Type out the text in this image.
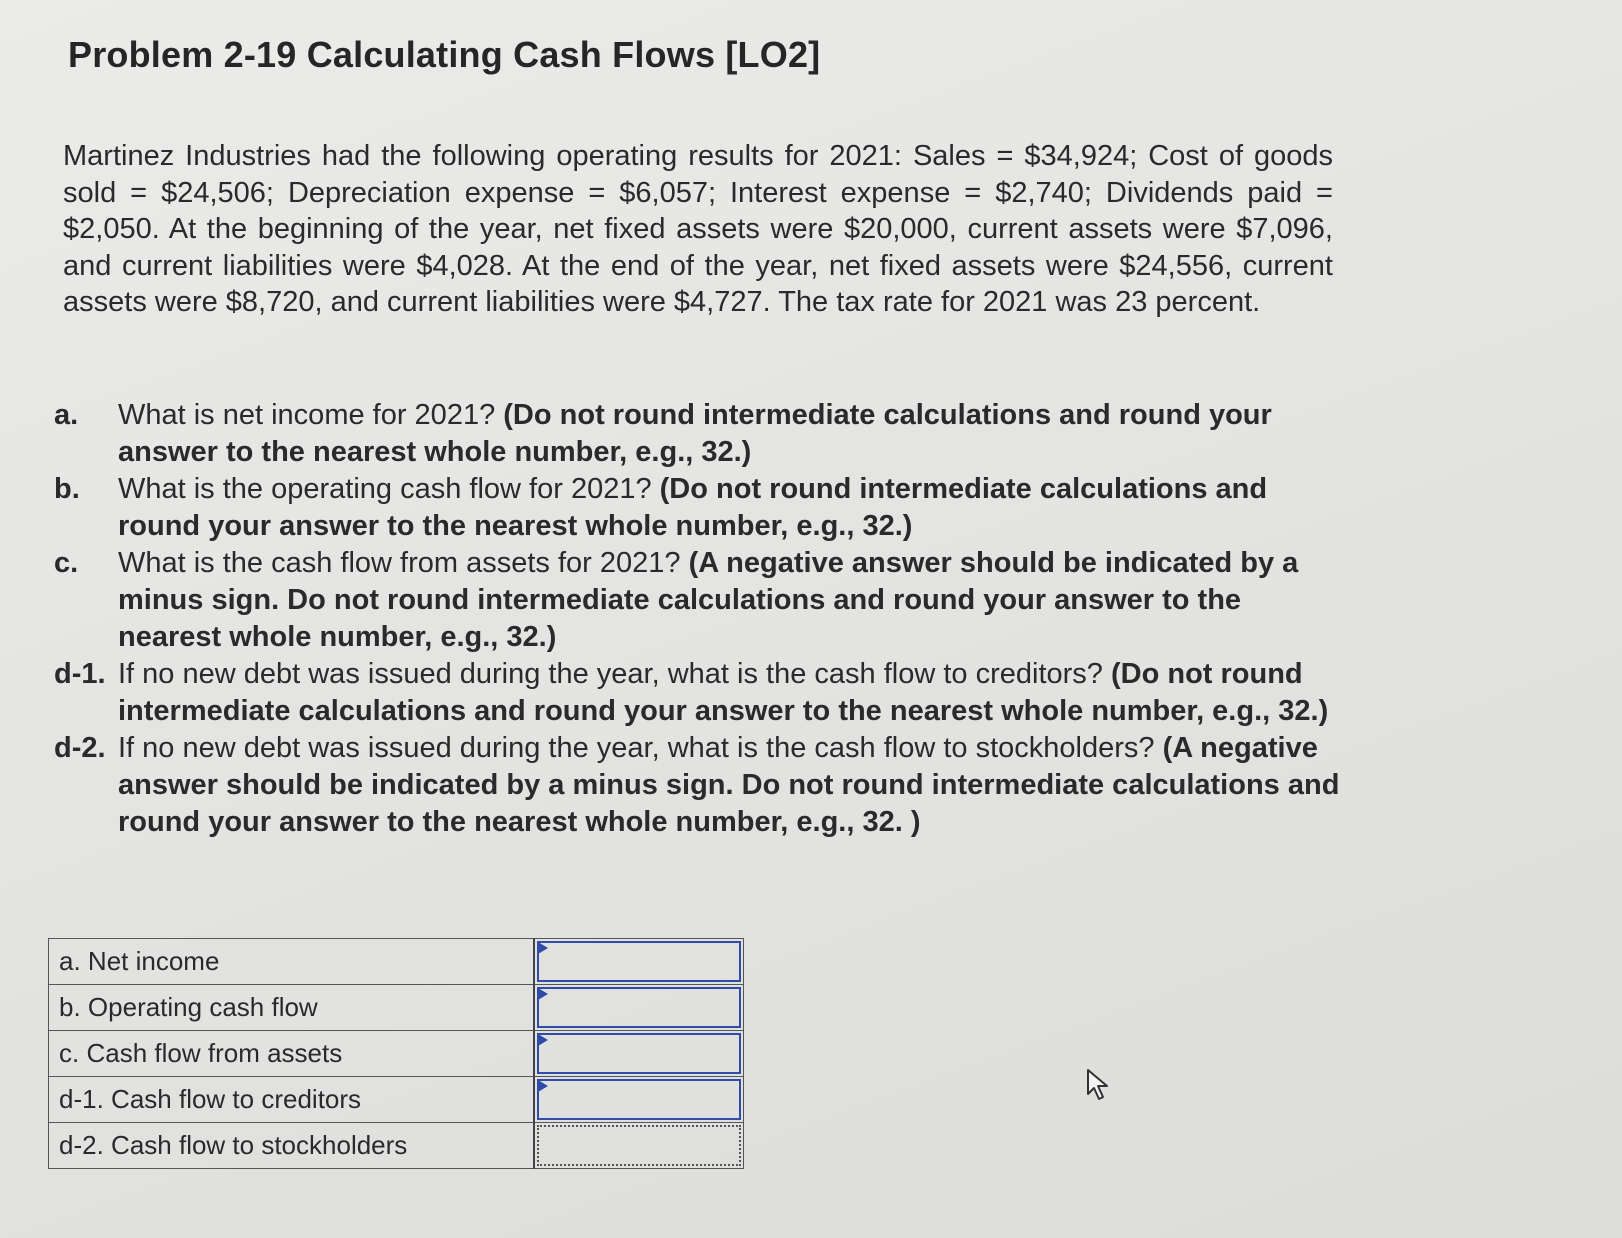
Problem 2-19 Calculating Cash Flows [LO2]
Martinez Industries had the following operating results for 2021: Sales = $34,924; Cost of goods sold = $24,506; Depreciation expense = $6,057; Interest expense = $2,740; Dividends paid = $2,050. At the beginning of the year, net fixed assets were $20,000, current assets were $7,096, and current liabilities were $4,028. At the end of the year, net fixed assets were $24,556, current assets were $8,720, and current liabilities were $4,727. The tax rate for 2021 was 23 percent.
a. What is net income for 2021? (Do not round intermediate calculations and round your answer to the nearest whole number, e.g., 32.)
b. What is the operating cash flow for 2021? (Do not round intermediate calculations and round your answer to the nearest whole number, e.g., 32.)
c. What is the cash flow from assets for 2021? (A negative answer should be indicated by a minus sign. Do not round intermediate calculations and round your answer to the nearest whole number, e.g., 32.)
d-1. If no new debt was issued during the year, what is the cash flow to creditors? (Do not round intermediate calculations and round your answer to the nearest whole number, e.g., 32.)
d-2. If no new debt was issued during the year, what is the cash flow to stockholders? (A negative answer should be indicated by a minus sign. Do not round intermediate calculations and round your answer to the nearest whole number, e.g., 32. )
a. Net income	

b. Operating cash flow	

c. Cash flow from assets	

d-1. Cash flow to creditors	

d-2. Cash flow to stockholders	
